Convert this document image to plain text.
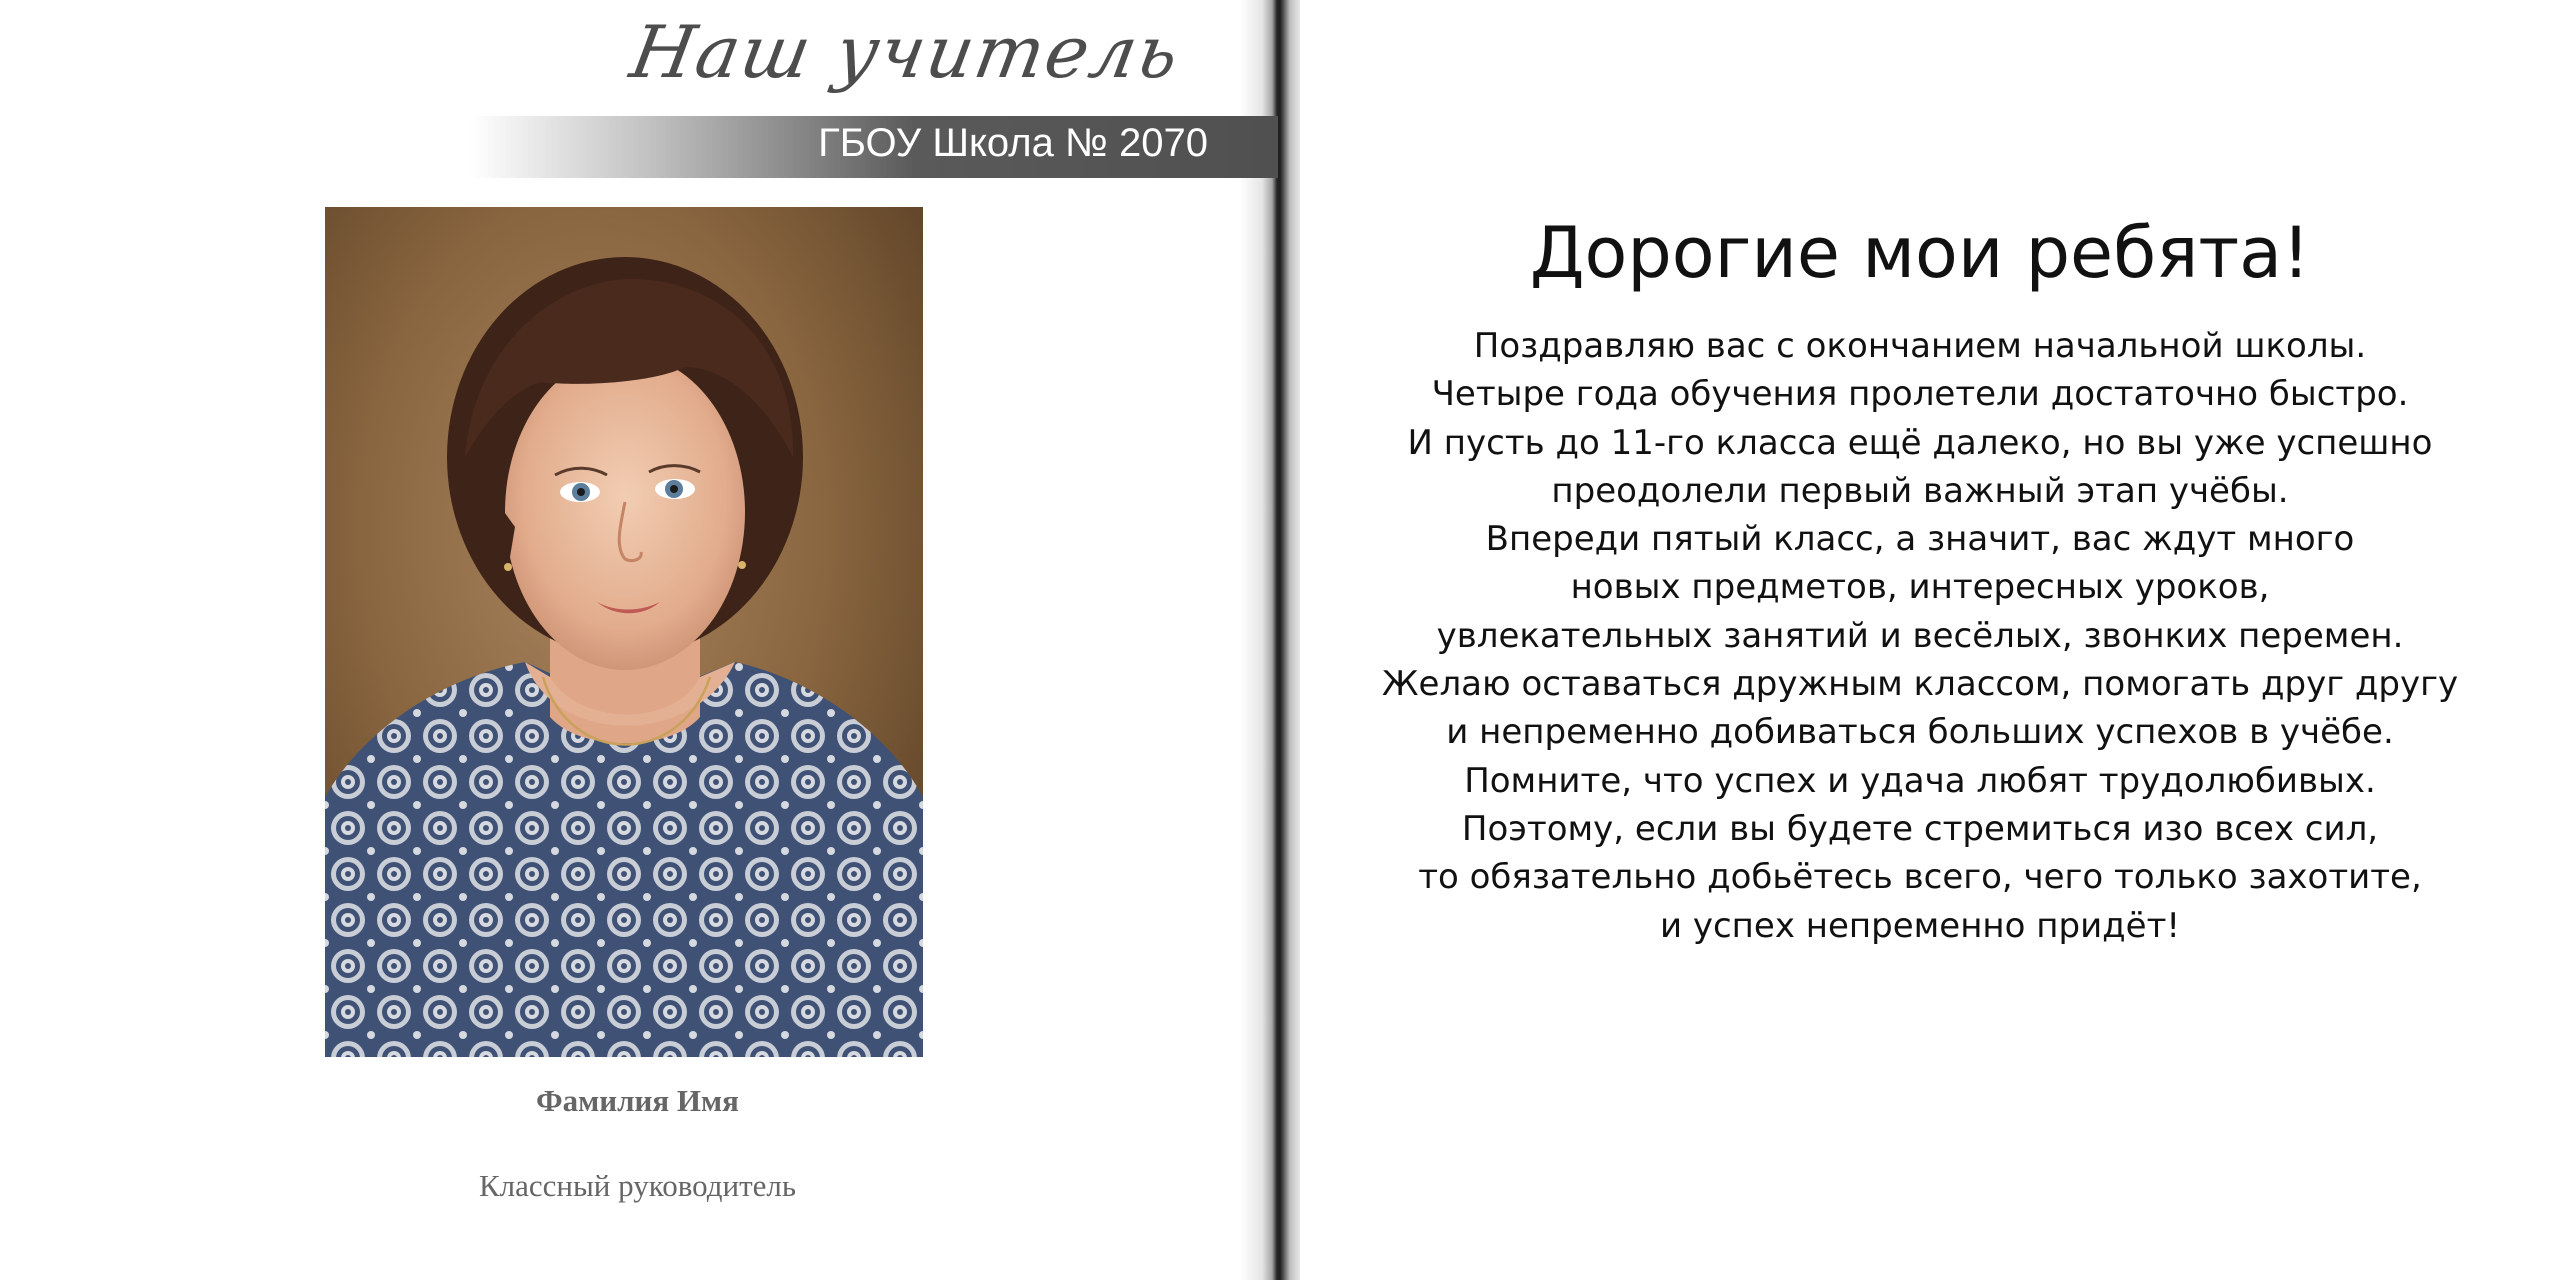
Наш учитель
ГБОУ Школа № 2070
Фамилия Имя
Классный руководитель
Дорогие мои ребята!
Поздравляю вас с окончанием начальной школы.
Четыре года обучения пролетели достаточно быстро.
И пусть до 11-го класса ещё далеко, но вы уже успешно
преодолели первый важный этап учёбы.
Впереди пятый класс, а значит, вас ждут много
новых предметов, интересных уроков,
увлекательных занятий и весёлых, звонких перемен.
Желаю оставаться дружным классом, помогать друг другу
и непременно добиваться больших успехов в учёбе.
Помните, что успех и удача любят трудолюбивых.
Поэтому, если вы будете стремиться изо всех сил,
то обязательно добьётесь всего, чего только захотите,
и успех непременно придёт!
